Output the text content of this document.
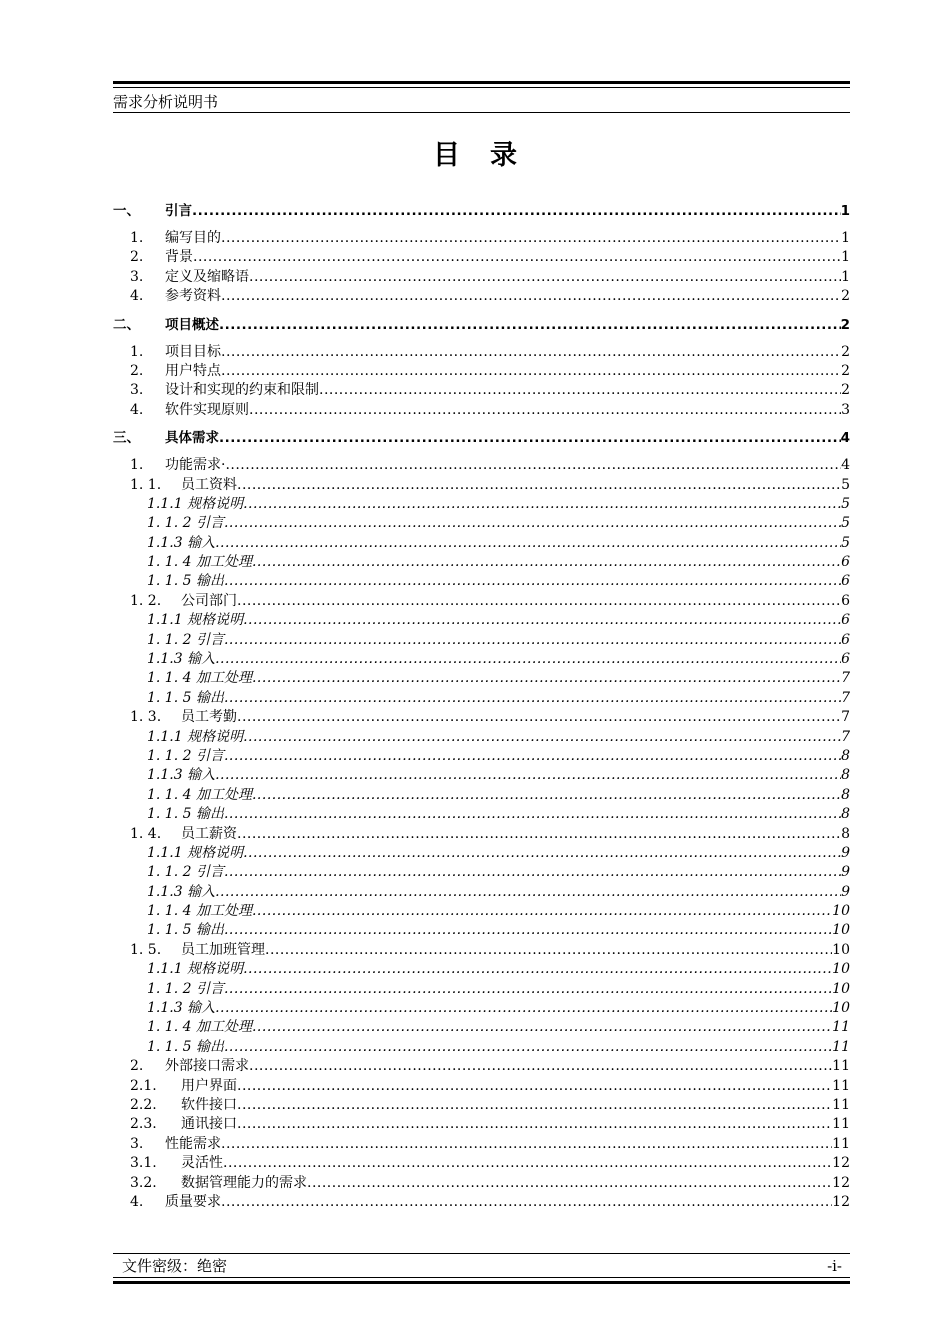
需求分析说明书
目录
一、	引言 .....	1
1.	编写目的 .....	1
2.	背景 .....	1
3.	定义及缩略语 .....	1
4.	参考资料 .....	2
二、	项目概述 .....	2
1.	项目目标 .....	2
2.	用户特点 .....	2
3.	设计和实现的约束和限制 .....	2
4.	软件实现原则 .....	3
三、	具体需求 .....	4
1.	功能需求· .....	4
1. 1.	员工资料 .....	5
1.1.1 规格说明 .....	5
1. 1. 2 引言 .....	5
1.1.3 输入 .....	5
1. 1. 4 加工处理 .....	6
1. 1. 5 输出 .....	6
1. 2.	公司部门 .....	6
1.1.1 规格说明 .....	6
1. 1. 2 引言 .....	6
1.1.3 输入 .....	6
1. 1. 4 加工处理 .....	7
1. 1. 5 输出 .....	7
1. 3.	员工考勤 .....	7
1.1.1 规格说明 .....	7
1. 1. 2 引言 .....	8
1.1.3 输入 .....	8
1. 1. 4 加工处理 .....	8
1. 1. 5 输出 .....	8
1. 4.	员工薪资 .....	8
1.1.1 规格说明 .....	9
1. 1. 2 引言 .....	9
1.1.3 输入 .....	9
1. 1. 4 加工处理 .....	10
1. 1. 5 输出 .....	10
1. 5.	员工加班管理 .....	10
1.1.1 规格说明 .....	10
1. 1. 2 引言 .....	10
1.1.3 输入 .....	10
1. 1. 4 加工处理 .....	11
1. 1. 5 输出 .....	11
2.	外部接口需求 .....	11
2.1.	用户界面 .....	11
2.2.	软件接口 .....	11
2.3.	通讯接口 .....	11
3.	性能需求 .....	11
3.1.	灵活性 .....	12
3.2.	数据管理能力的需求 .....	12
4.	质量要求 .....	12
文件密级：绝密	-i-
